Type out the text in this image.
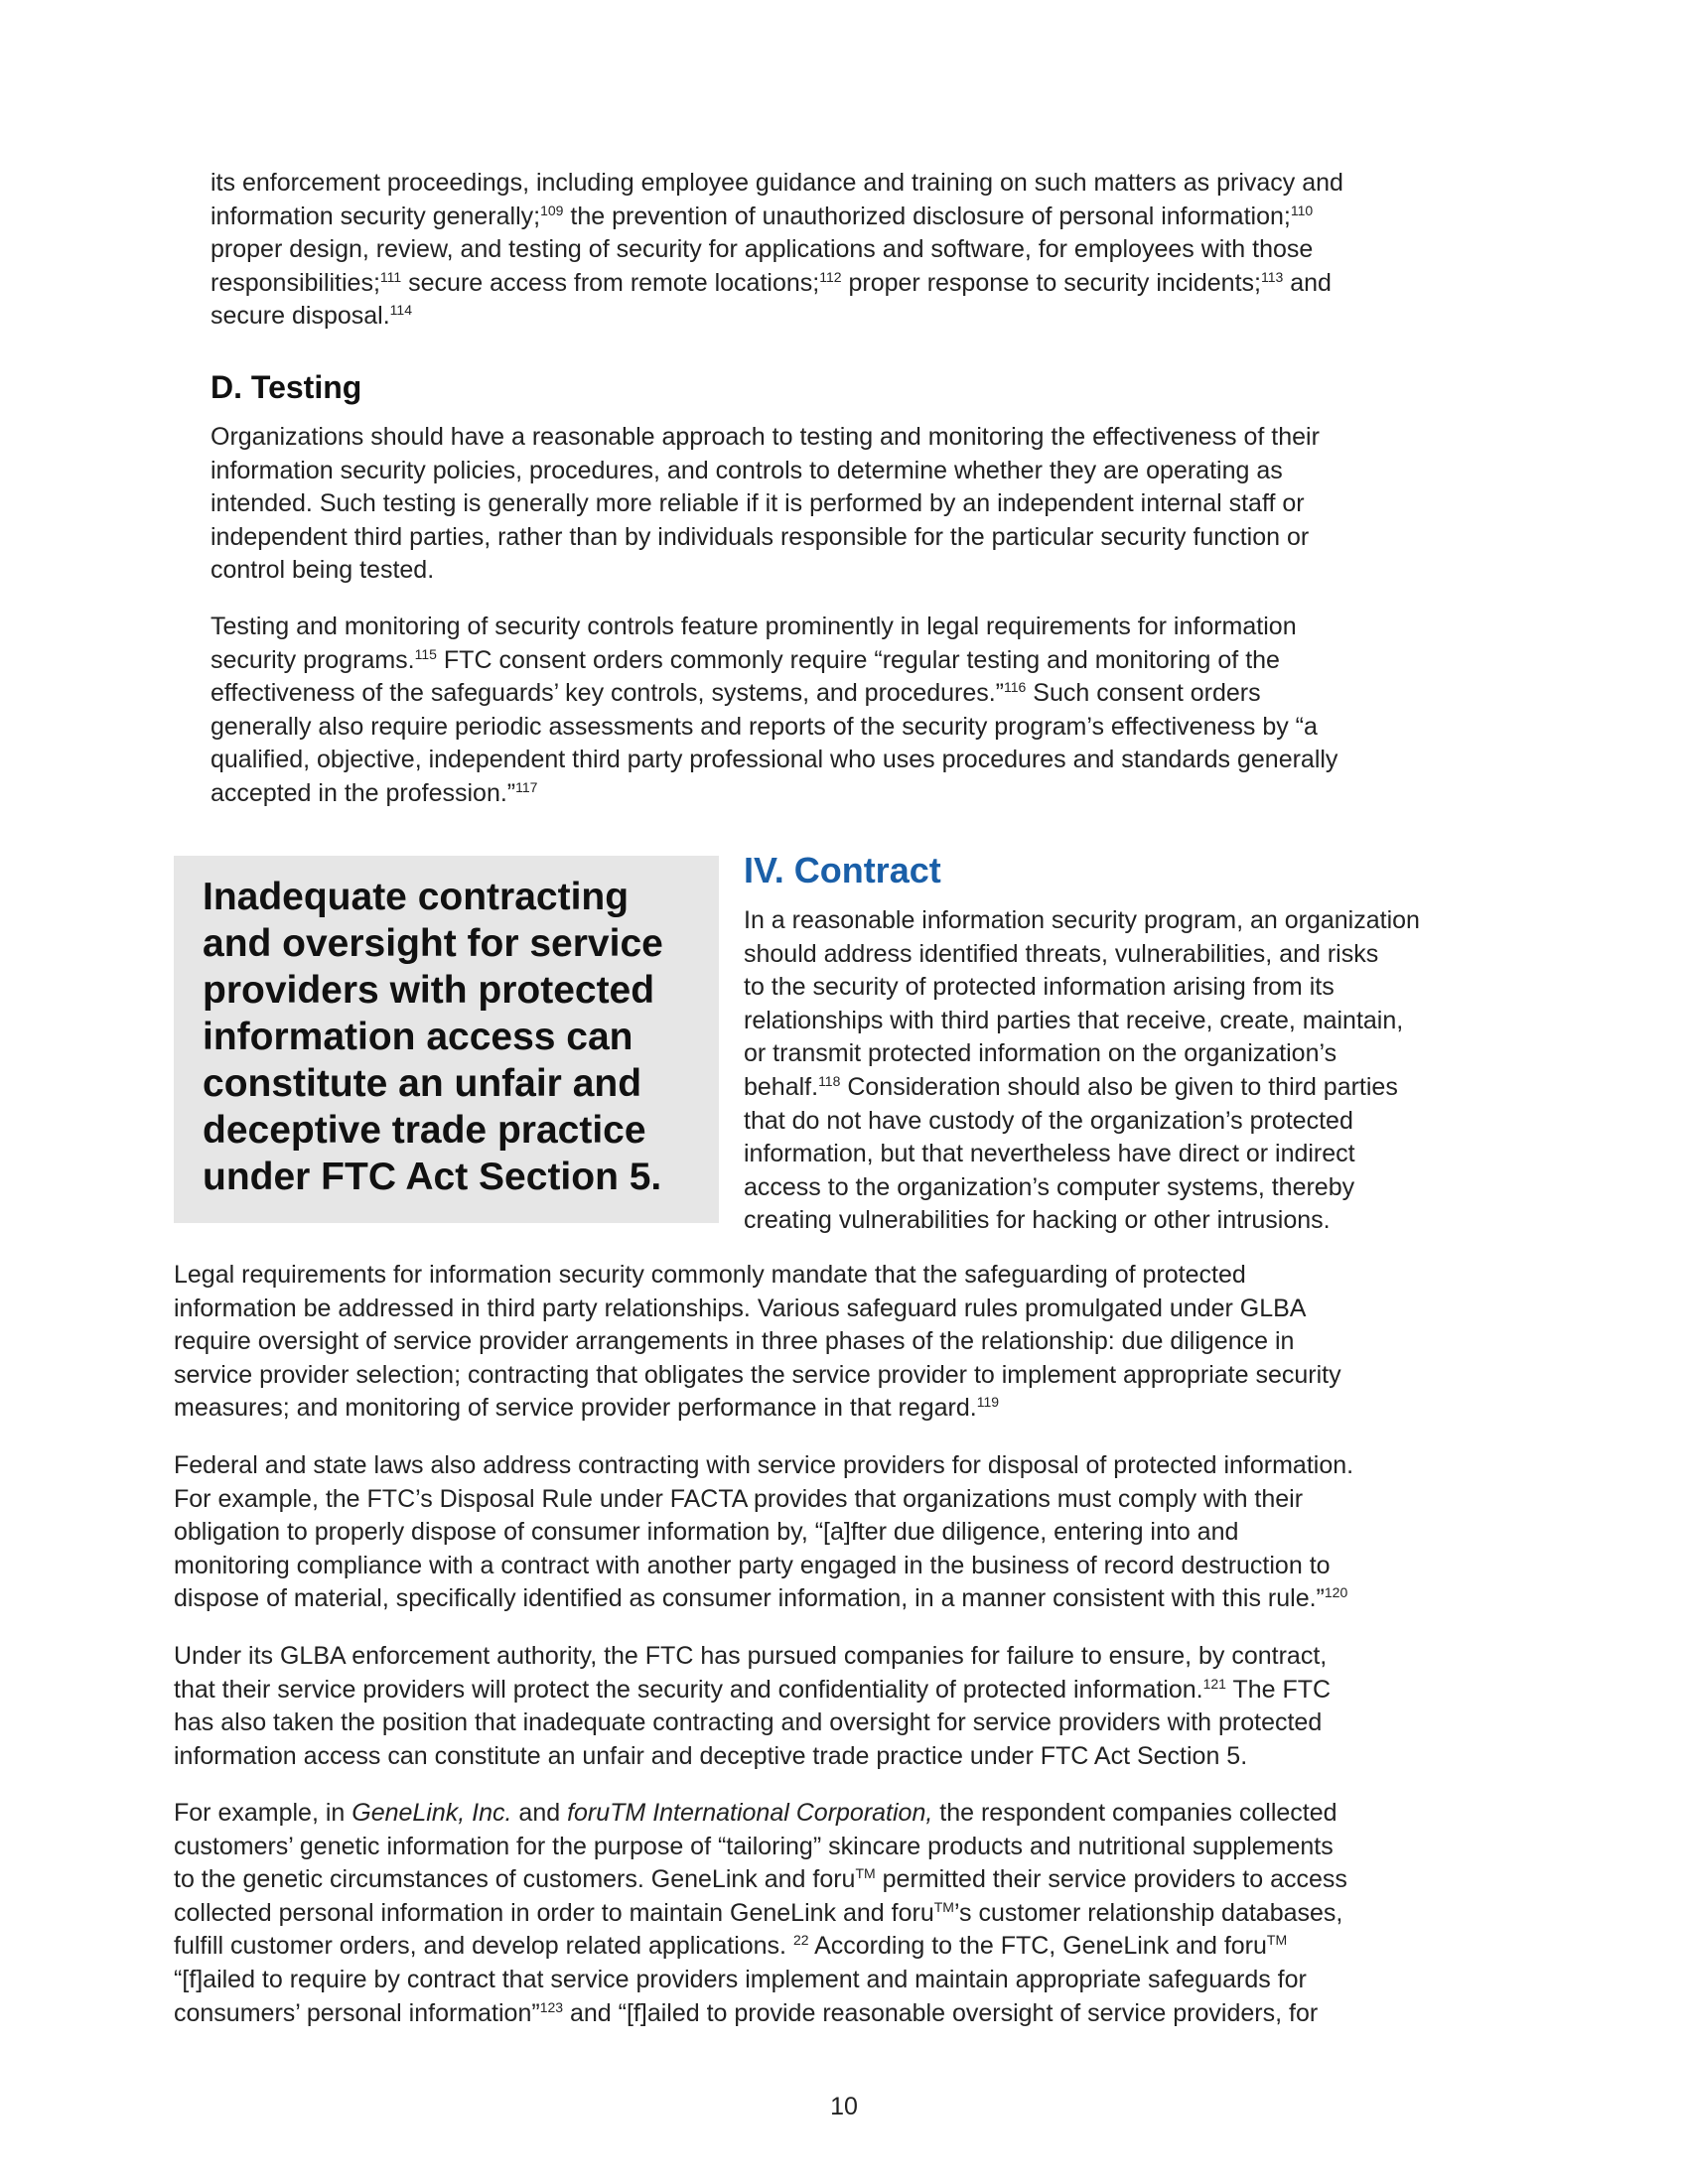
its enforcement proceedings, including employee guidance and training on such matters as privacy and
information security generally;$^{109}$ the prevention of unauthorized disclosure of personal information;$^{110}$
proper design, review, and testing of security for applications and software, for employees with those
responsibilities;$^{111}$ secure access from remote locations;$^{112}$ proper response to security incidents;$^{113}$ and
secure disposal.$^{114}$
D. Testing
Organizations should have a reasonable approach to testing and monitoring the effectiveness of their
information security policies, procedures, and controls to determine whether they are operating as
intended. Such testing is generally more reliable if it is performed by an independent internal staff or
independent third parties, rather than by individuals responsible for the particular security function or
control being tested.
Testing and monitoring of security controls feature prominently in legal requirements for information
security programs.$^{115}$ FTC consent orders commonly require “regular testing and monitoring of the
effectiveness of the safeguards’ key controls, systems, and procedures.”$^{116}$ Such consent orders
generally also require periodic assessments and reports of the security program’s effectiveness by “a
qualified, objective, independent third party professional who uses procedures and standards generally
accepted in the profession.”$^{117}$
Inadequate contracting
and oversight for service
providers with protected
information access can
constitute an unfair and
deceptive trade practice
under FTC Act Section 5.
IV. Contract
In a reasonable information security program, an organization
should address identified threats, vulnerabilities, and risks
to the security of protected information arising from its
relationships with third parties that receive, create, maintain,
or transmit protected information on the organization’s
behalf.$^{118}$ Consideration should also be given to third parties
that do not have custody of the organization’s protected
information, but that nevertheless have direct or indirect
access to the organization’s computer systems, thereby
creating vulnerabilities for hacking or other intrusions.
Legal requirements for information security commonly mandate that the safeguarding of protected
information be addressed in third party relationships. Various safeguard rules promulgated under GLBA
require oversight of service provider arrangements in three phases of the relationship: due diligence in
service provider selection; contracting that obligates the service provider to implement appropriate security
measures; and monitoring of service provider performance in that regard.$^{119}$
Federal and state laws also address contracting with service providers for disposal of protected information.
For example, the FTC’s Disposal Rule under FACTA provides that organizations must comply with their
obligation to properly dispose of consumer information by, “[a]fter due diligence, entering into and
monitoring compliance with a contract with another party engaged in the business of record destruction to
dispose of material, specifically identified as consumer information, in a manner consistent with this rule.”$^{120}$
Under its GLBA enforcement authority, the FTC has pursued companies for failure to ensure, by contract,
that their service providers will protect the security and confidentiality of protected information.$^{121}$ The FTC
has also taken the position that inadequate contracting and oversight for service providers with protected
information access can constitute an unfair and deceptive trade practice under FTC Act Section 5.
For example, in GeneLink, Inc. and foruTM International Corporation, the respondent companies collected
customers’ genetic information for the purpose of “tailoring” skincare products and nutritional supplements
to the genetic circumstances of customers. GeneLink and foru™ permitted their service providers to access
collected personal information in order to maintain GeneLink and foru™’s customer relationship databases,
fulfill customer orders, and develop related applications. $^{22}$ According to the FTC, GeneLink and foru™
“[f]ailed to require by contract that service providers implement and maintain appropriate safeguards for
consumers’ personal information”$^{123}$ and “[f]ailed to provide reasonable oversight of service providers, for
10
